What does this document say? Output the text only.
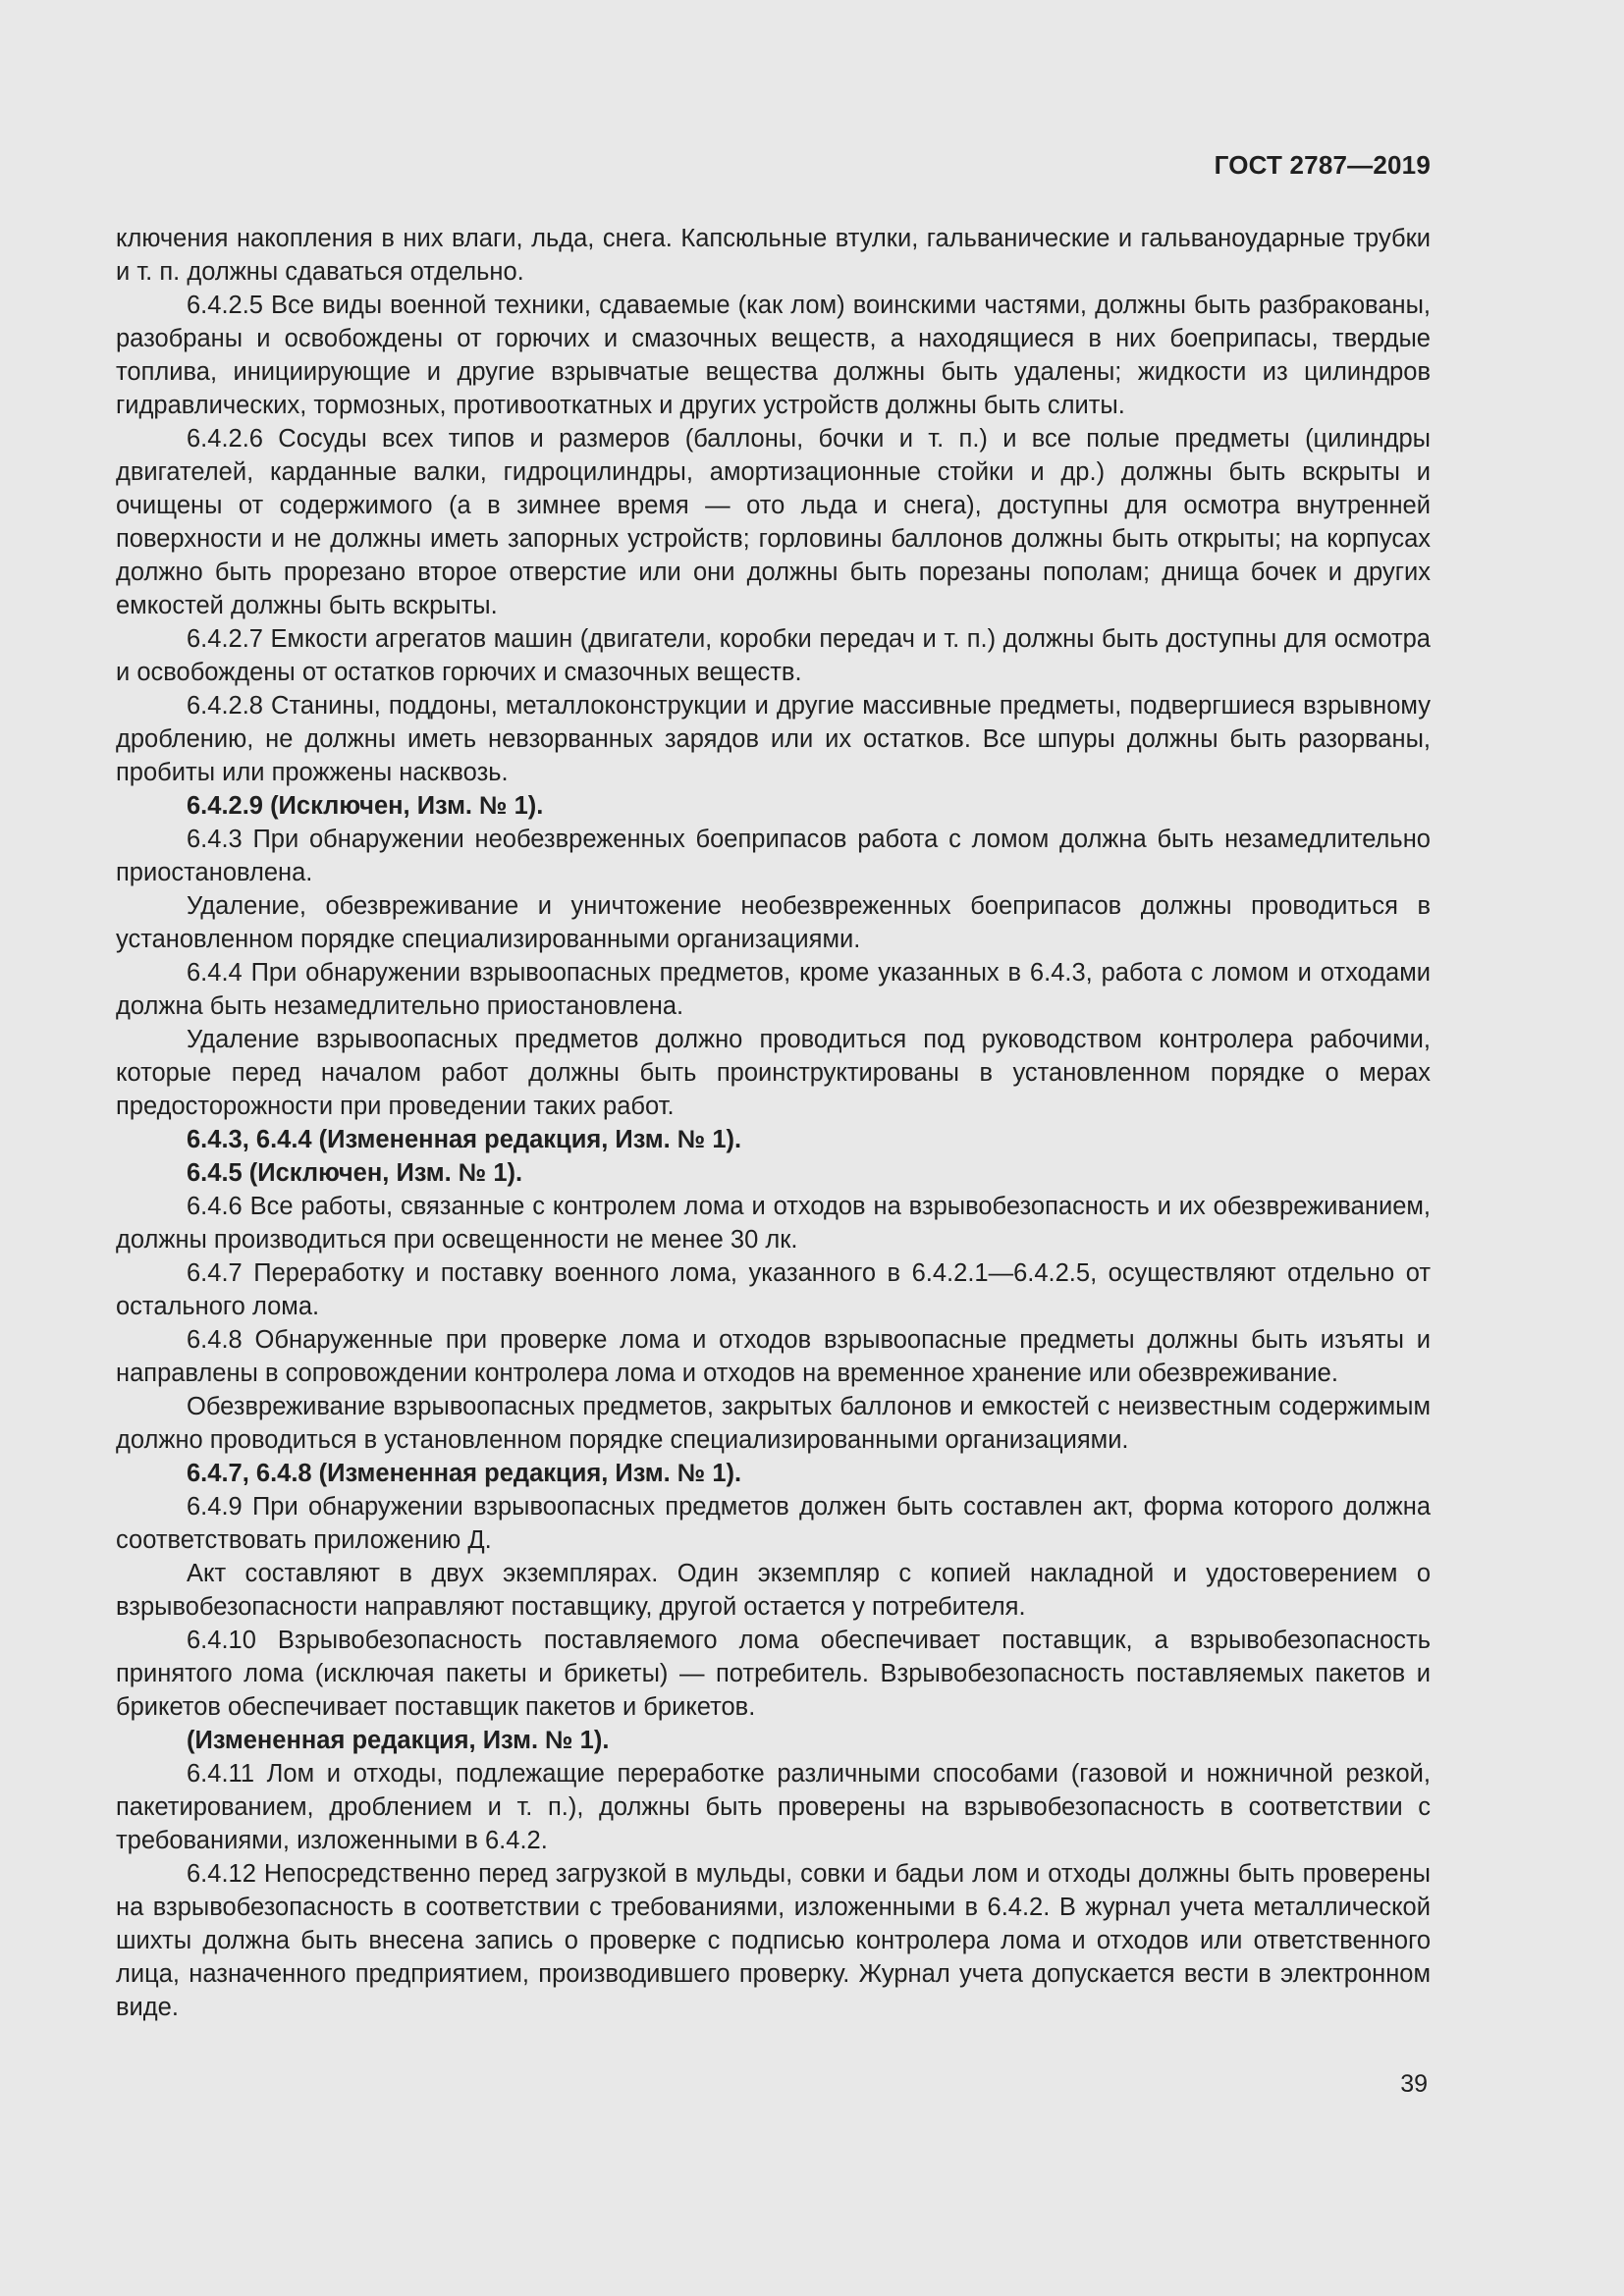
ГОСТ 2787—2019

ключения накопления в них влаги, льда, снега. Капсюльные втулки, гальванические и гальваноударные трубки и т. п. должны сдаваться отдельно.

6.4.2.5 Все виды военной техники, сдаваемые (как лом) воинскими частями, должны быть разбракованы, разобраны и освобождены от горючих и смазочных веществ, а находящиеся в них боеприпасы, твердые топлива, инициирующие и другие взрывчатые вещества должны быть удалены; жидкости из цилиндров гидравлических, тормозных, противооткатных и других устройств должны быть слиты.

6.4.2.6 Сосуды всех типов и размеров (баллоны, бочки и т. п.) и все полые предметы (цилиндры двигателей, карданные валки, гидроцилиндры, амортизационные стойки и др.) должны быть вскрыты и очищены от содержимого (а в зимнее время — ото льда и снега), доступны для осмотра внутренней поверхности и не должны иметь запорных устройств; горловины баллонов должны быть открыты; на корпусах должно быть прорезано второе отверстие или они должны быть порезаны пополам; днища бочек и других емкостей должны быть вскрыты.

6.4.2.7 Емкости агрегатов машин (двигатели, коробки передач и т. п.) должны быть доступны для осмотра и освобождены от остатков горючих и смазочных веществ.

6.4.2.8 Станины, поддоны, металлоконструкции и другие массивные предметы, подвергшиеся взрывному дроблению, не должны иметь невзорванных зарядов или их остатков. Все шпуры должны быть разорваны, пробиты или прожжены насквозь.

6.4.2.9 (Исключен, Изм. № 1).

6.4.3 При обнаружении необезвреженных боеприпасов работа с ломом должна быть незамедлительно приостановлена.

Удаление, обезвреживание и уничтожение необезвреженных боеприпасов должны проводиться в установленном порядке специализированными организациями.

6.4.4 При обнаружении взрывоопасных предметов, кроме указанных в 6.4.3, работа с ломом и отходами должна быть незамедлительно приостановлена.

Удаление взрывоопасных предметов должно проводиться под руководством контролера рабочими, которые перед началом работ должны быть проинструктированы в установленном порядке о мерах предосторожности при проведении таких работ.

6.4.3, 6.4.4 (Измененная редакция, Изм. № 1).

6.4.5 (Исключен, Изм. № 1).

6.4.6 Все работы, связанные с контролем лома и отходов на взрывобезопасность и их обезвреживанием, должны производиться при освещенности не менее 30 лк.

6.4.7 Переработку и поставку военного лома, указанного в 6.4.2.1—6.4.2.5, осуществляют отдельно от остального лома.

6.4.8 Обнаруженные при проверке лома и отходов взрывоопасные предметы должны быть изъяты и направлены в сопровождении контролера лома и отходов на временное хранение или обезвреживание.

Обезвреживание взрывоопасных предметов, закрытых баллонов и емкостей с неизвестным содержимым должно проводиться в установленном порядке специализированными организациями.

6.4.7, 6.4.8 (Измененная редакция, Изм. № 1).

6.4.9 При обнаружении взрывоопасных предметов должен быть составлен акт, форма которого должна соответствовать приложению Д.

Акт составляют в двух экземплярах. Один экземпляр с копией накладной и удостоверением о взрывобезопасности направляют поставщику, другой остается у потребителя.

6.4.10 Взрывобезопасность поставляемого лома обеспечивает поставщик, а взрывобезопасность принятого лома (исключая пакеты и брикеты) — потребитель. Взрывобезопасность поставляемых пакетов и брикетов обеспечивает поставщик пакетов и брикетов.

(Измененная редакция, Изм. № 1).

6.4.11 Лом и отходы, подлежащие переработке различными способами (газовой и ножничной резкой, пакетированием, дроблением и т. п.), должны быть проверены на взрывобезопасность в соответствии с требованиями, изложенными в 6.4.2.

6.4.12 Непосредственно перед загрузкой в мульды, совки и бадьи лом и отходы должны быть проверены на взрывобезопасность в соответствии с требованиями, изложенными в 6.4.2. В журнал учета металлической шихты должна быть внесена запись о проверке с подписью контролера лома и отходов или ответственного лица, назначенного предприятием, производившего проверку. Журнал учета допускается вести в электронном виде.

39
